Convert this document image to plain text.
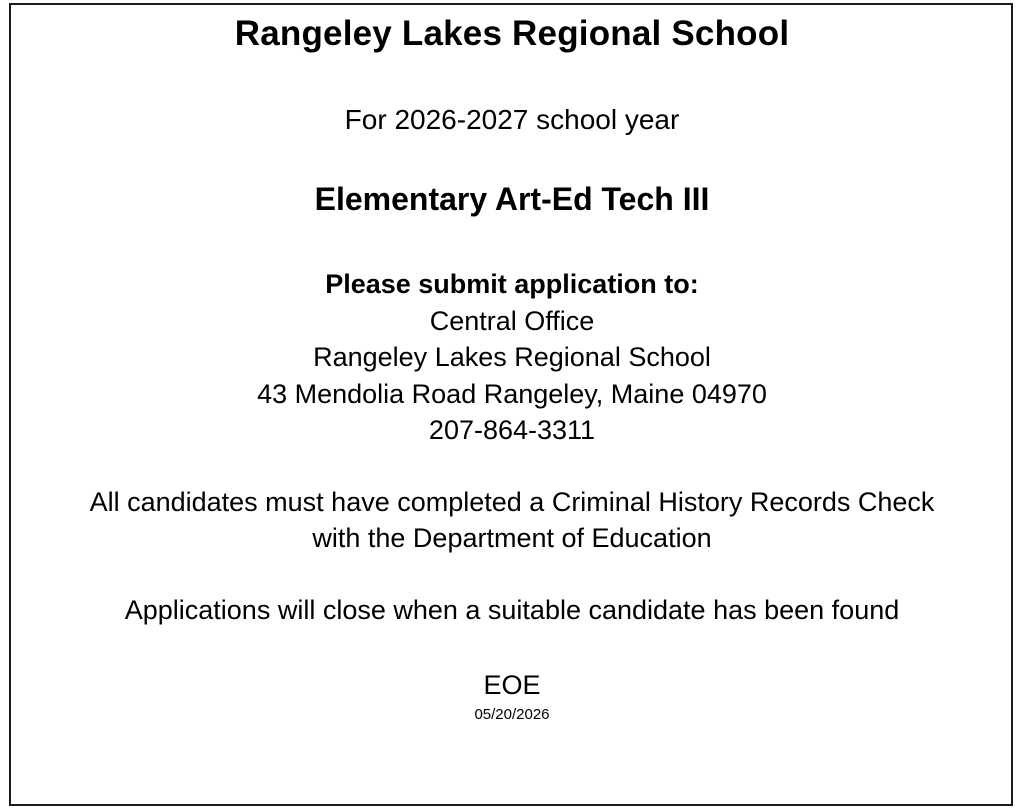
Rangeley Lakes Regional School
For 2026-2027 school year
Elementary Art-Ed Tech III
Please submit application to:
Central Office
Rangeley Lakes Regional School
43 Mendolia Road Rangeley, Maine 04970
207-864-3311
All candidates must have completed a Criminal History Records Check
with the Department of Education
Applications will close when a suitable candidate has been found
EOE
05/20/2026
